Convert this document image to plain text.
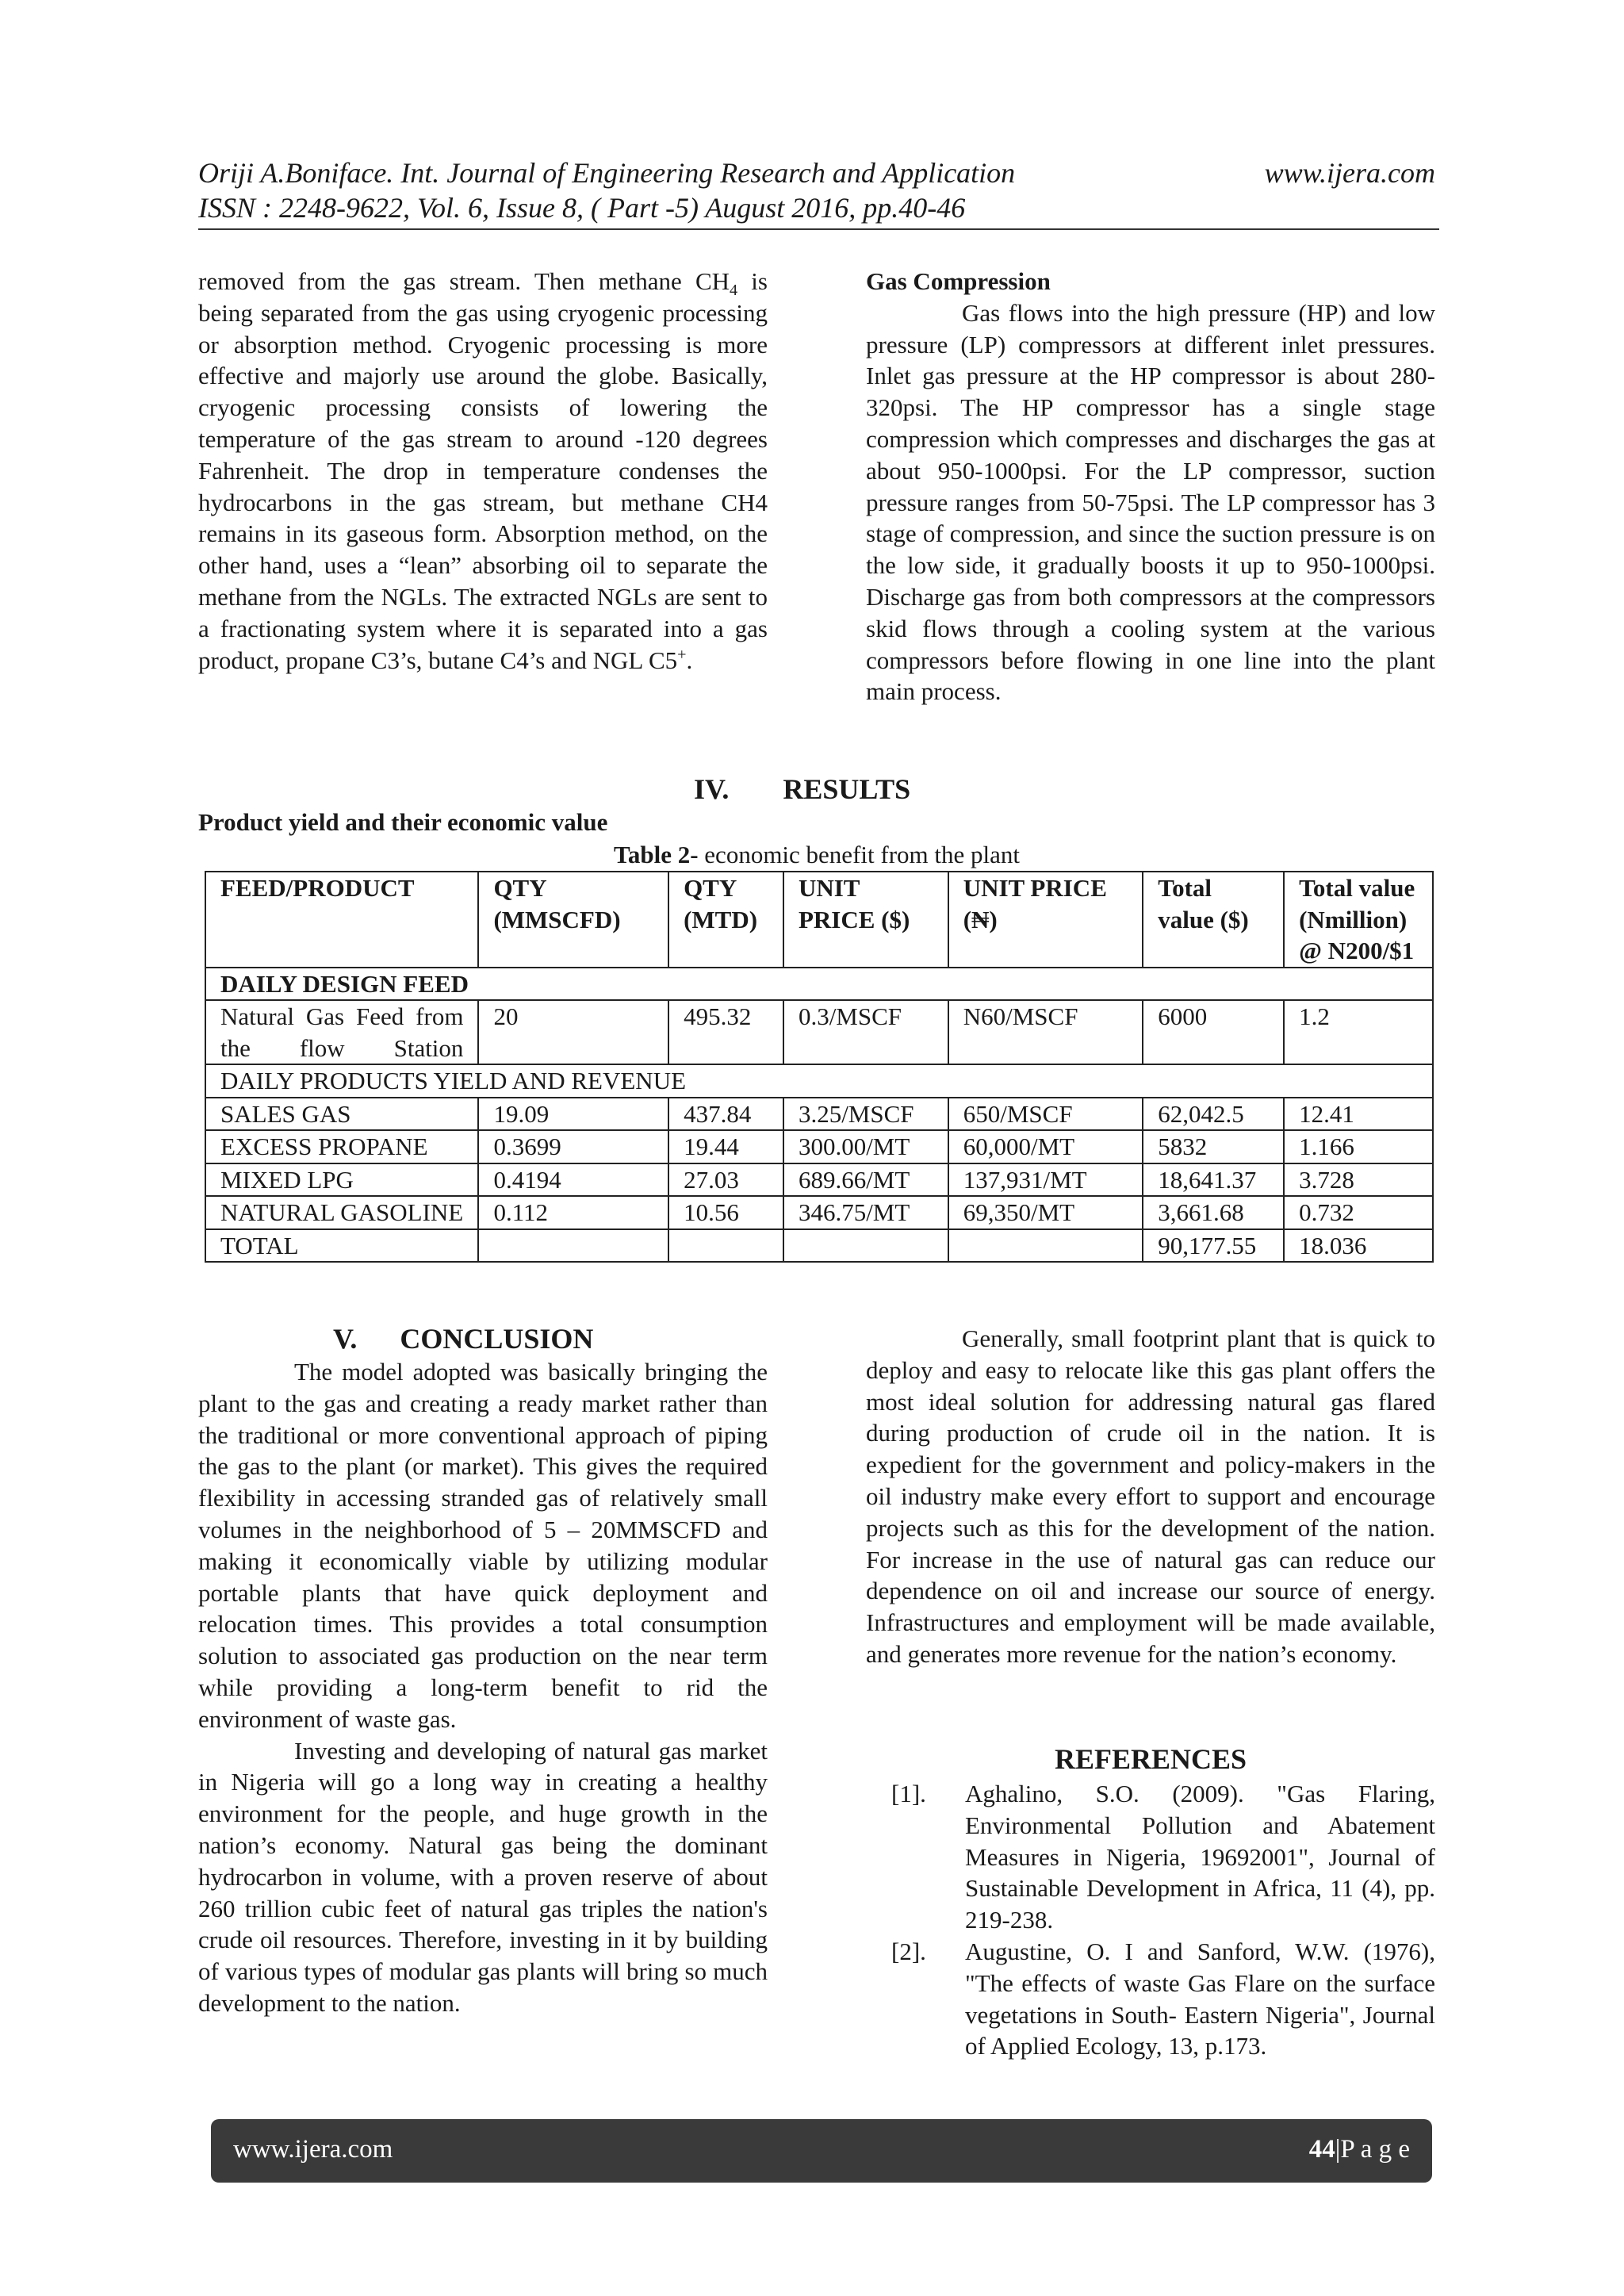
Oriji A.Boniface. Int. Journal of Engineering Research and Application	www.ijera.com
ISSN : 2248-9622, Vol. 6, Issue 8, ( Part -5) August 2016, pp.40-46

removed from the gas stream. Then methane $CH_4$ is being separated from the gas using cryogenic processing or absorption method. Cryogenic processing is more effective and majorly use around the globe. Basically, cryogenic processing consists of lowering the temperature of the gas stream to around -120 degrees Fahrenheit. The drop in temperature condenses the hydrocarbons in the gas stream, but methane CH4 remains in its gaseous form. Absorption method, on the other hand, uses a “lean” absorbing oil to separate the methane from the NGLs. The extracted NGLs are sent to a fractionating system where it is separated into a gas product, propane C3’s, butane C4’s and NGL C5+.

Gas Compression

Gas flows into the high pressure (HP) and low pressure (LP) compressors at different inlet pressures. Inlet gas pressure at the HP compressor is about 280-320psi. The HP compressor has a single stage compression which compresses and discharges the gas at about 950-1000psi. For the LP compressor, suction pressure ranges from 50-75psi. The LP compressor has 3 stage of compression, and since the suction pressure is on the low side, it gradually boosts it up to 950-1000psi. Discharge gas from both compressors at the compressors skid flows through a cooling system at the various compressors before flowing in one line into the plant main process.

IV. RESULTS
Product yield and their economic value
Table 2- economic benefit from the plant
FEED/PRODUCT	QTY (MMSCFD)	QTY (MTD)	UNIT PRICE ($)	UNIT PRICE (₦)	Total value ($)	Total value (Nmillion) @ N200/$1
DAILY DESIGN FEED						
Natural Gas Feed from the flow Station	20	495.32	0.3/MSCF	N60/MSCF	6000	1.2
DAILY PRODUCTS YIELD AND REVENUE						
SALES GAS	19.09	437.84	3.25/MSCF	650/MSCF	62,042.5	12.41
EXCESS PROPANE	0.3699	19.44	300.00/MT	60,000/MT	5832	1.166
MIXED LPG	0.4194	27.03	689.66/MT	137,931/MT	18,641.37	3.728
NATURAL GASOLINE	0.112	10.56	346.75/MT	69,350/MT	3,661.68	0.732
TOTAL					90,177.55	18.036
V. CONCLUSION

The model adopted was basically bringing the plant to the gas and creating a ready market rather than the traditional or more conventional approach of piping the gas to the plant (or market). This gives the required flexibility in accessing stranded gas of relatively small volumes in the neighborhood of 5 – 20MMSCFD and making it economically viable by utilizing modular portable plants that have quick deployment and relocation times. This provides a total consumption solution to associated gas production on the near term while providing a long-term benefit to rid the environment of waste gas.

Investing and developing of natural gas market in Nigeria will go a long way in creating a healthy environment for the people, and huge growth in the nation’s economy. Natural gas being the dominant hydrocarbon in volume, with a proven reserve of about 260 trillion cubic feet of natural gas triples the nation's crude oil resources. Therefore, investing in it by building of various types of modular gas plants will bring so much development to the nation.

Generally, small footprint plant that is quick to deploy and easy to relocate like this gas plant offers the most ideal solution for addressing natural gas flared during production of crude oil in the nation. It is expedient for the government and policy-makers in the oil industry make every effort to support and encourage projects such as this for the development of the nation. For increase in the use of natural gas can reduce our dependence on oil and increase our source of energy. Infrastructures and employment will be made available, and generates more revenue for the nation’s economy.

REFERENCES
[1]. Aghalino, S.O. (2009). "Gas Flaring, Environmental Pollution and Abatement Measures in Nigeria, 19692001", Journal of Sustainable Development in Africa, 11 (4), pp. 219-238.
[2]. Augustine, O. I and Sanford, W.W. (1976), "The effects of waste Gas Flare on the surface vegetations in South- Eastern Nigeria", Journal of Applied Ecology, 13, p.173.
www.ijera.com	44|P a g e
